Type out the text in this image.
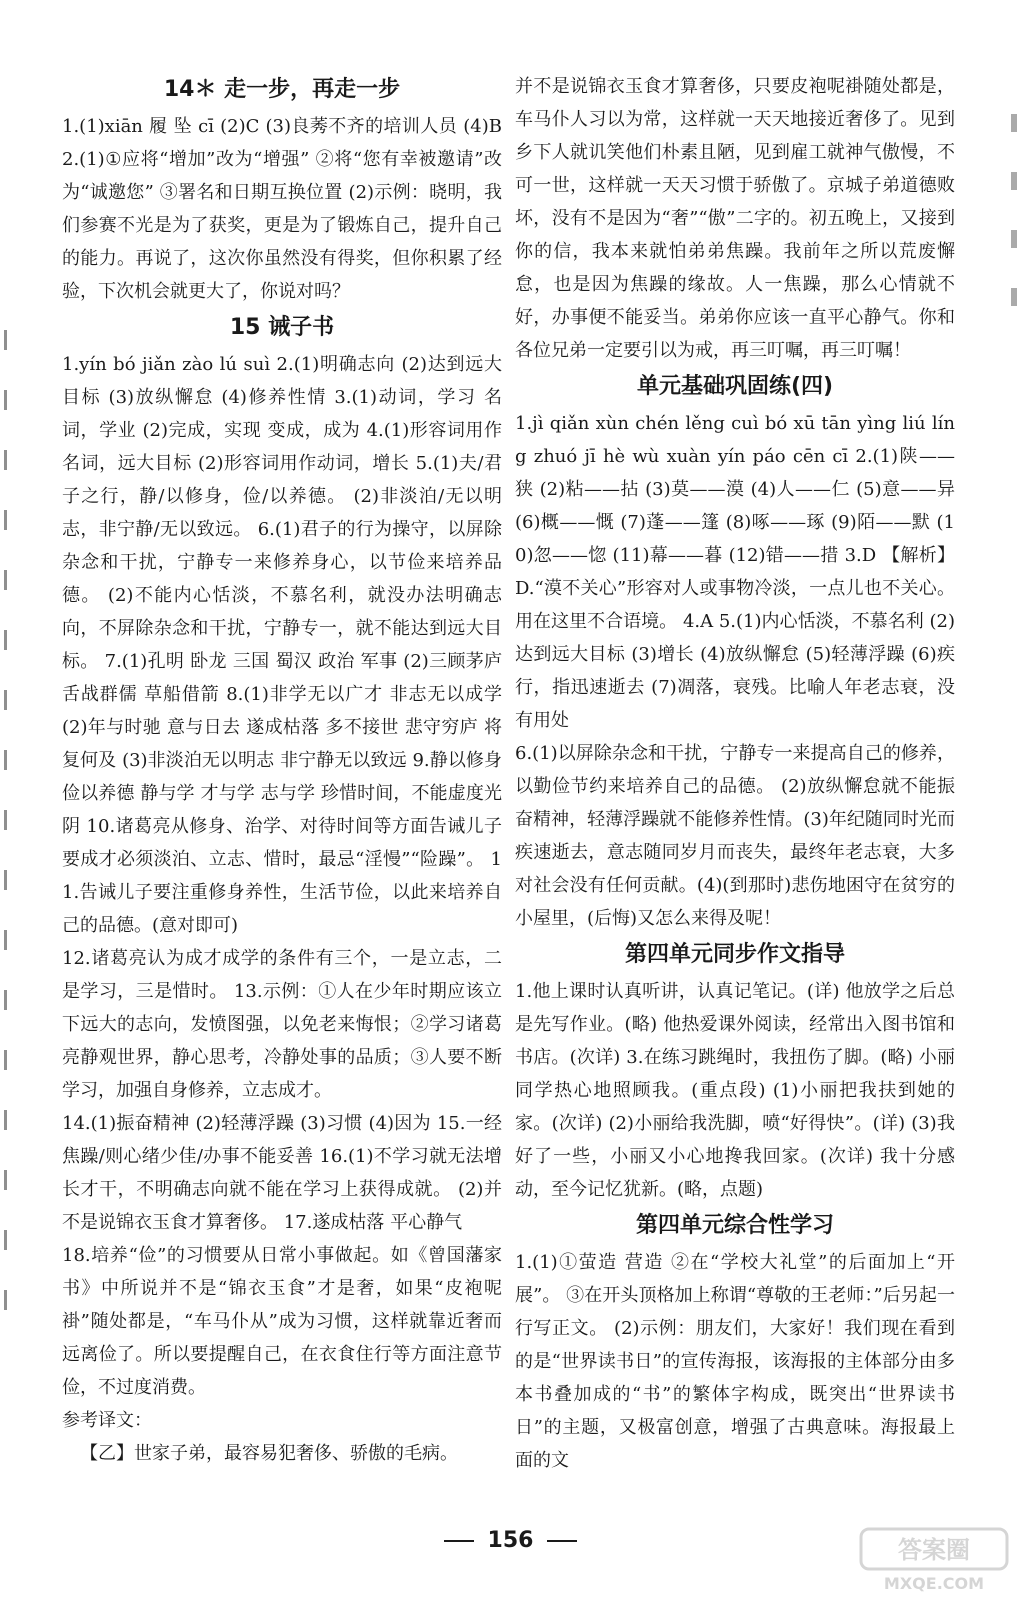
14＊ 走一步，再走一步

1.(1)xiān 履 坠 cī (2)C (3)良莠不齐的培训人员 (4)B 2.(1)①应将“增加”改为“增强” ②将“您有幸被邀请”改为“诚邀您” ③署名和日期互换位置 (2)示例：晓明，我们参赛不光是为了获奖，更是为了锻炼自己，提升自己的能力。再说了，这次你虽然没有得奖，但你积累了经验，下次机会就更大了，你说对吗？

15 诫子书

1.yín bó jiǎn zào lú suì 2.(1)明确志向 (2)达到远大目标 (3)放纵懈怠 (4)修养性情 3.(1)动词，学习 名词，学业 (2)完成，实现 变成，成为 4.(1)形容词用作名词，远大目标 (2)形容词用作动词，增长 5.(1)夫/君子之行，静/以修身，俭/以养德。 (2)非淡泊/无以明志，非宁静/无以致远。 6.(1)君子的行为操守，以屏除杂念和干扰，宁静专一来修养身心，以节俭来培养品德。 (2)不能内心恬淡，不慕名利，就没办法明确志向，不屏除杂念和干扰，宁静专一，就不能达到远大目标。 7.(1)孔明 卧龙 三国 蜀汉 政治 军事 (2)三顾茅庐 舌战群儒 草船借箭 8.(1)非学无以广才 非志无以成学 (2)年与时驰 意与日去 遂成枯落 多不接世 悲守穷庐 将复何及 (3)非淡泊无以明志 非宁静无以致远 9.静以修身 俭以养德 静与学 才与学 志与学 珍惜时间，不能虚度光阴 10.诸葛亮从修身、治学、对待时间等方面告诫儿子要成才必须淡泊、立志、惜时，最忌“淫慢”“险躁”。 11.告诫儿子要注重修身养性，生活节俭，以此来培养自己的品德。(意对即可)

12.诸葛亮认为成才成学的条件有三个，一是立志，二是学习，三是惜时。 13.示例：①人在少年时期应该立下远大的志向，发愤图强，以免老来悔恨；②学习诸葛亮静观世界，静心思考，冷静处事的品质；③人要不断学习，加强自身修养，立志成才。

14.(1)振奋精神 (2)轻薄浮躁 (3)习惯 (4)因为 15.一经焦躁/则心绪少佳/办事不能妥善 16.(1)不学习就无法增长才干，不明确志向就不能在学习上获得成就。 (2)并不是说锦衣玉食才算奢侈。 17.遂成枯落 平心静气

18.培养“俭”的习惯要从日常小事做起。如《曾国藩家书》中所说并不是“锦衣玉食”才是奢，如果“皮袍呢褂”随处都是，“车马仆从”成为习惯，这样就靠近奢而远离俭了。所以要提醒自己，在衣食住行等方面注意节俭，不过度消费。

参考译文：

【乙】世家子弟，最容易犯奢侈、骄傲的毛病。

并不是说锦衣玉食才算奢侈，只要皮袍呢褂随处都是，车马仆人习以为常，这样就一天天地接近奢侈了。见到乡下人就讥笑他们朴素且陋，见到雇工就神气傲慢，不可一世，这样就一天天习惯于骄傲了。京城子弟道德败坏，没有不是因为“奢”“傲”二字的。初五晚上，又接到你的信，我本来就怕弟弟焦躁。我前年之所以荒废懈怠，也是因为焦躁的缘故。人一焦躁，那么心情就不好，办事便不能妥当。弟弟你应该一直平心静气。你和各位兄弟一定要引以为戒，再三叮嘱，再三叮嘱！

单元基础巩固练(四)

1.jì qiǎn xùn chén lěng cuì bó xū tān yìng liú líng zhuó jī hè wù xuàn yín páo cēn cī 2.(1)陕——狭 (2)粘——拈 (3)莫——漠 (4)人——仁 (5)意——异 (6)概——慨 (7)蓬——篷 (8)啄——琢 (9)陌——默 (10)忽——惚 (11)幕——暮 (12)错——措 3.D 【解析】D.“漠不关心”形容对人或事物冷淡，一点儿也不关心。用在这里不合语境。 4.A 5.(1)内心恬淡，不慕名利 (2)达到远大目标 (3)增长 (4)放纵懈怠 (5)轻薄浮躁 (6)疾行，指迅速逝去 (7)凋落，衰残。比喻人年老志衰，没有用处

6.(1)以屏除杂念和干扰，宁静专一来提高自己的修养，以勤俭节约来培养自己的品德。 (2)放纵懈怠就不能振奋精神，轻薄浮躁就不能修养性情。(3)年纪随同时光而疾速逝去，意志随同岁月而丧失，最终年老志衰，大多对社会没有任何贡献。(4)(到那时)悲伤地困守在贫穷的小屋里，(后悔)又怎么来得及呢！

第四单元同步作文指导

1.他上课时认真听讲，认真记笔记。(详) 他放学之后总是先写作业。(略) 他热爱课外阅读，经常出入图书馆和书店。(次详) 3.在练习跳绳时，我扭伤了脚。(略) 小丽同学热心地照顾我。(重点段) (1)小丽把我扶到她的家。(次详) (2)小丽给我洗脚，喷“好得快”。(详) (3)我好了一些，小丽又小心地搀我回家。(次详) 我十分感动，至今记忆犹新。(略，点题)

第四单元综合性学习

1.(1)①萤造 营造 ②在“学校大礼堂”的后面加上“开展”。 ③在开头顶格加上称谓“尊敬的王老师：”后另起一行写正文。 (2)示例：朋友们，大家好！我们现在看到的是“世界读书日”的宣传海报，该海报的主体部分由多本书叠加成的“书”的繁体字构成，既突出“世界读书日”的主题，又极富创意，增强了古典意味。海报最上面的文

156	答案圈
MXQE.COM
